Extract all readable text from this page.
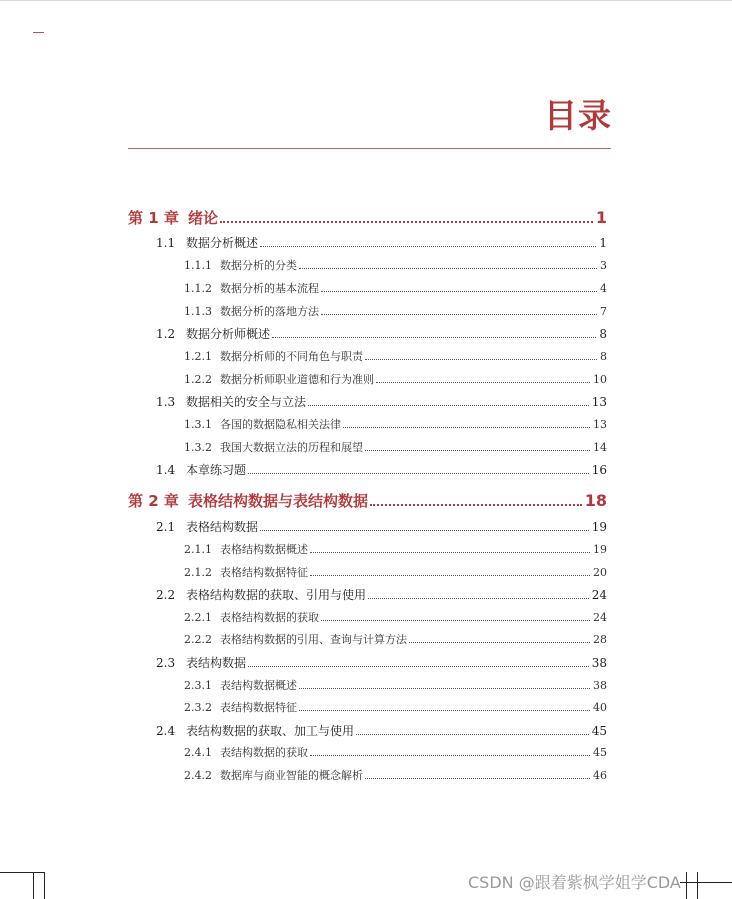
目录
第 1 章 绪论	1
1.1 数据分析概述	1
1.1.1 数据分析的分类	3
1.1.2 数据分析的基本流程	4
1.1.3 数据分析的落地方法	7
1.2 数据分析师概述	8
1.2.1 数据分析师的不同角色与职责	8
1.2.2 数据分析师职业道德和行为准则	10
1.3 数据相关的安全与立法	13
1.3.1 各国的数据隐私相关法律	13
1.3.2 我国大数据立法的历程和展望	14
1.4 本章练习题	16
第 2 章 表格结构数据与表结构数据	18
2.1 表格结构数据	19
2.1.1 表格结构数据概述	19
2.1.2 表格结构数据特征	20
2.2 表格结构数据的获取、引用与使用	24
2.2.1 表格结构数据的获取	24
2.2.2 表格结构数据的引用、查询与计算方法	28
2.3 表结构数据	38
2.3.1 表结构数据概述	38
2.3.2 表结构数据特征	40
2.4 表结构数据的获取、加工与使用	45
2.4.1 表结构数据的获取	45
2.4.2 数据库与商业智能的概念解析	46
CSDN @跟着紫枫学姐学CDA
